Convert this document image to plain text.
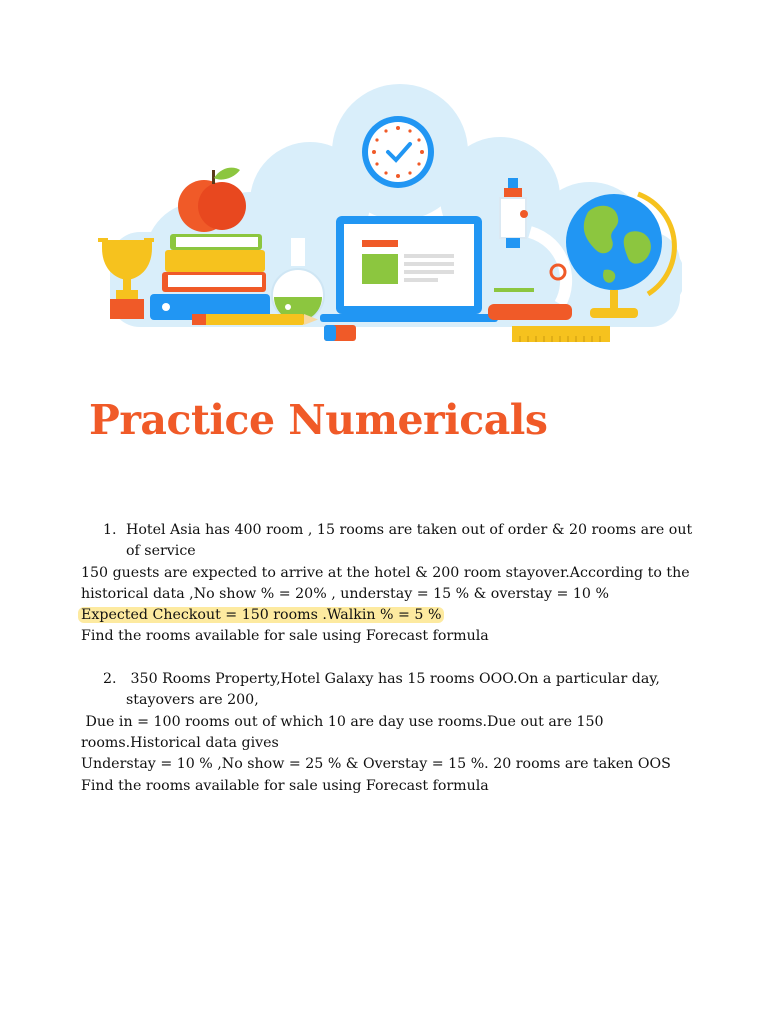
Practice Numericals
1. Hotel Asia has 400 room , 15 rooms are taken out of order & 20 rooms are out
of service
150 guests are expected to arrive at the hotel & 200 room stayover.According to the
historical data ,No show % = 20% , understay = 15 % & overstay = 10 %
Expected Checkout = 150 rooms .Walkin % = 5 %
Find the rooms available for sale using Forecast formula
2. 350 Rooms Property,Hotel Galaxy has 15 rooms OOO.On a particular day,
stayovers are 200,
Due in = 100 rooms out of which 10 are day use rooms.Due out are 150
rooms.Historical data gives
Understay = 10 % ,No show = 25 % & Overstay = 15 %. 20 rooms are taken OOS
Find the rooms available for sale using Forecast formula
